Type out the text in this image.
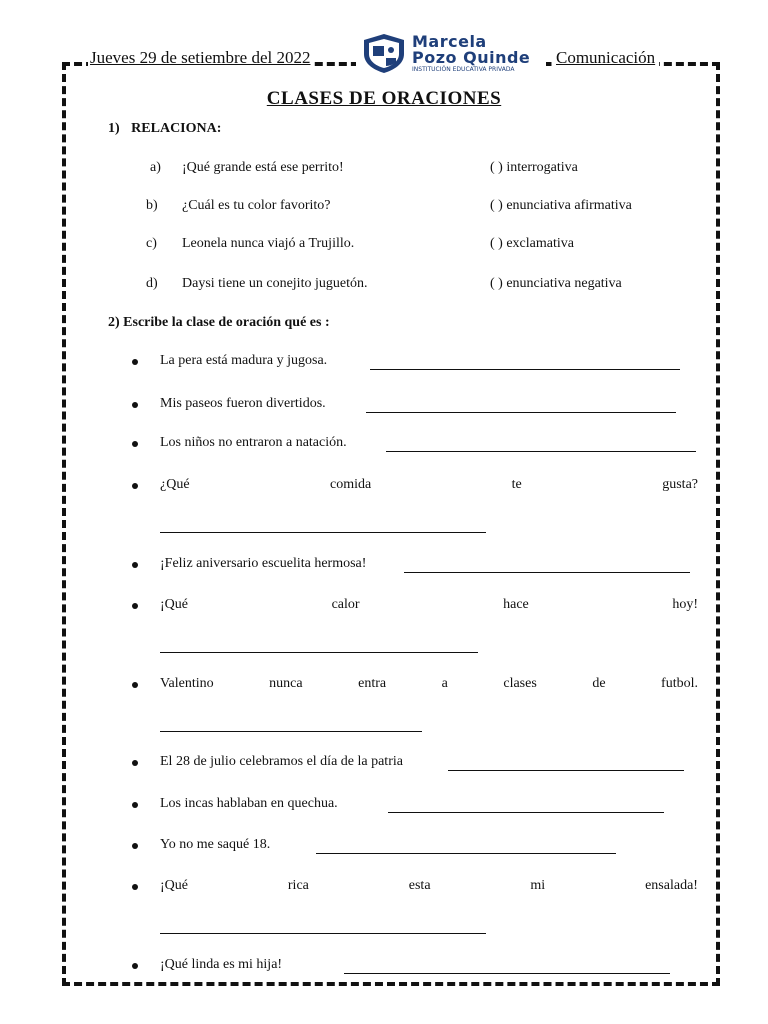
Jueves 29 de setiembre del 2022
Marcela
Pozo Quinde
INSTITUCIÓN EDUCATIVA PRIVADA
Comunicación
CLASES DE ORACIONES
1) RELACIONA:
a) ¡Qué grande está ese perrito!	( ) interrogativa
b) ¿Cuál es tu color favorito?	( ) enunciativa afirmativa
c) Leonela nunca viajó a Trujillo.	( ) exclamativa
d) Daysi tiene un conejito juguetón.	( ) enunciativa negativa
2) Escribe la clase de oración qué es :
La pera está madura y jugosa.
Mis paseos fueron divertidos.
Los niños no entraron a natación.
¿Qué	comida	te	gusta?
¡Feliz aniversario escuelita hermosa!
¡Qué	calor	hace	hoy!
Valentino	nunca	entra	a	clases	de	futbol.
El 28 de julio celebramos el día de la patria
Los incas hablaban en quechua.
Yo no me saqué 18.
¡Qué	rica	esta	mi	ensalada!
¡Qué linda es mi hija!
